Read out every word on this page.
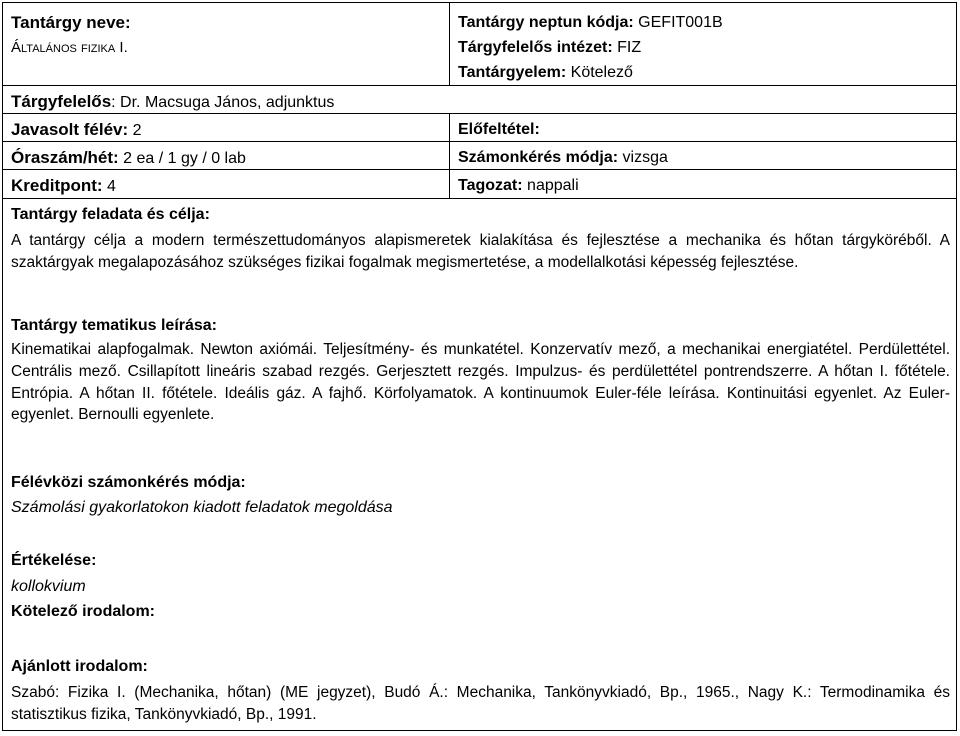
Tantárgy neve:
Általános fizika I.
Tantárgy neptun kódja: GEFIT001B
Tárgyfelelős intézet: FIZ
Tantárgyelem: Kötelező
Tárgyfelelős: Dr. Macsuga János, adjunktus
Javasolt félév: 2
Óraszám/hét: 2 ea / 1 gy / 0 lab
Kreditpont: 4
Előfeltétel:
Számonkérés módja: vizsga
Tagozat: nappali
Tantárgy feladata és célja:
A tantárgy célja a modern természettudományos alapismeretek kialakítása és fejlesztése a mechanika és hőtan tárgyköréből. A szaktárgyak megalapozásához szükséges fizikai fogalmak megismertetése, a modellalkotási képesség fejlesztése.
Tantárgy tematikus leírása:
Kinematikai alapfogalmak. Newton axiómái. Teljesítmény- és munkatétel. Konzervatív mező, a mechanikai energiatétel. Perdülettétel. Centrális mező. Csillapított lineáris szabad rezgés. Gerjesztett rezgés. Impulzus- és perdülettétel pontrendszerre. A hőtan I. főtétele. Entrópia. A hőtan II. főtétele. Ideális gáz. A fajhő. Körfolyamatok. A kontinuumok Euler-féle leírása. Kontinuitási egyenlet. Az Euler-egyenlet. Bernoulli egyenlete.
Félévközi számonkérés módja:
Számolási gyakorlatokon kiadott feladatok megoldása
Értékelése:
kollokvium
Kötelező irodalom:
Ajánlott irodalom:
Szabó: Fizika I. (Mechanika, hőtan) (ME jegyzet), Budó Á.: Mechanika, Tankönyvkiadó, Bp., 1965., Nagy K.: Termodinamika és statisztikus fizika, Tankönyvkiadó, Bp., 1991.
